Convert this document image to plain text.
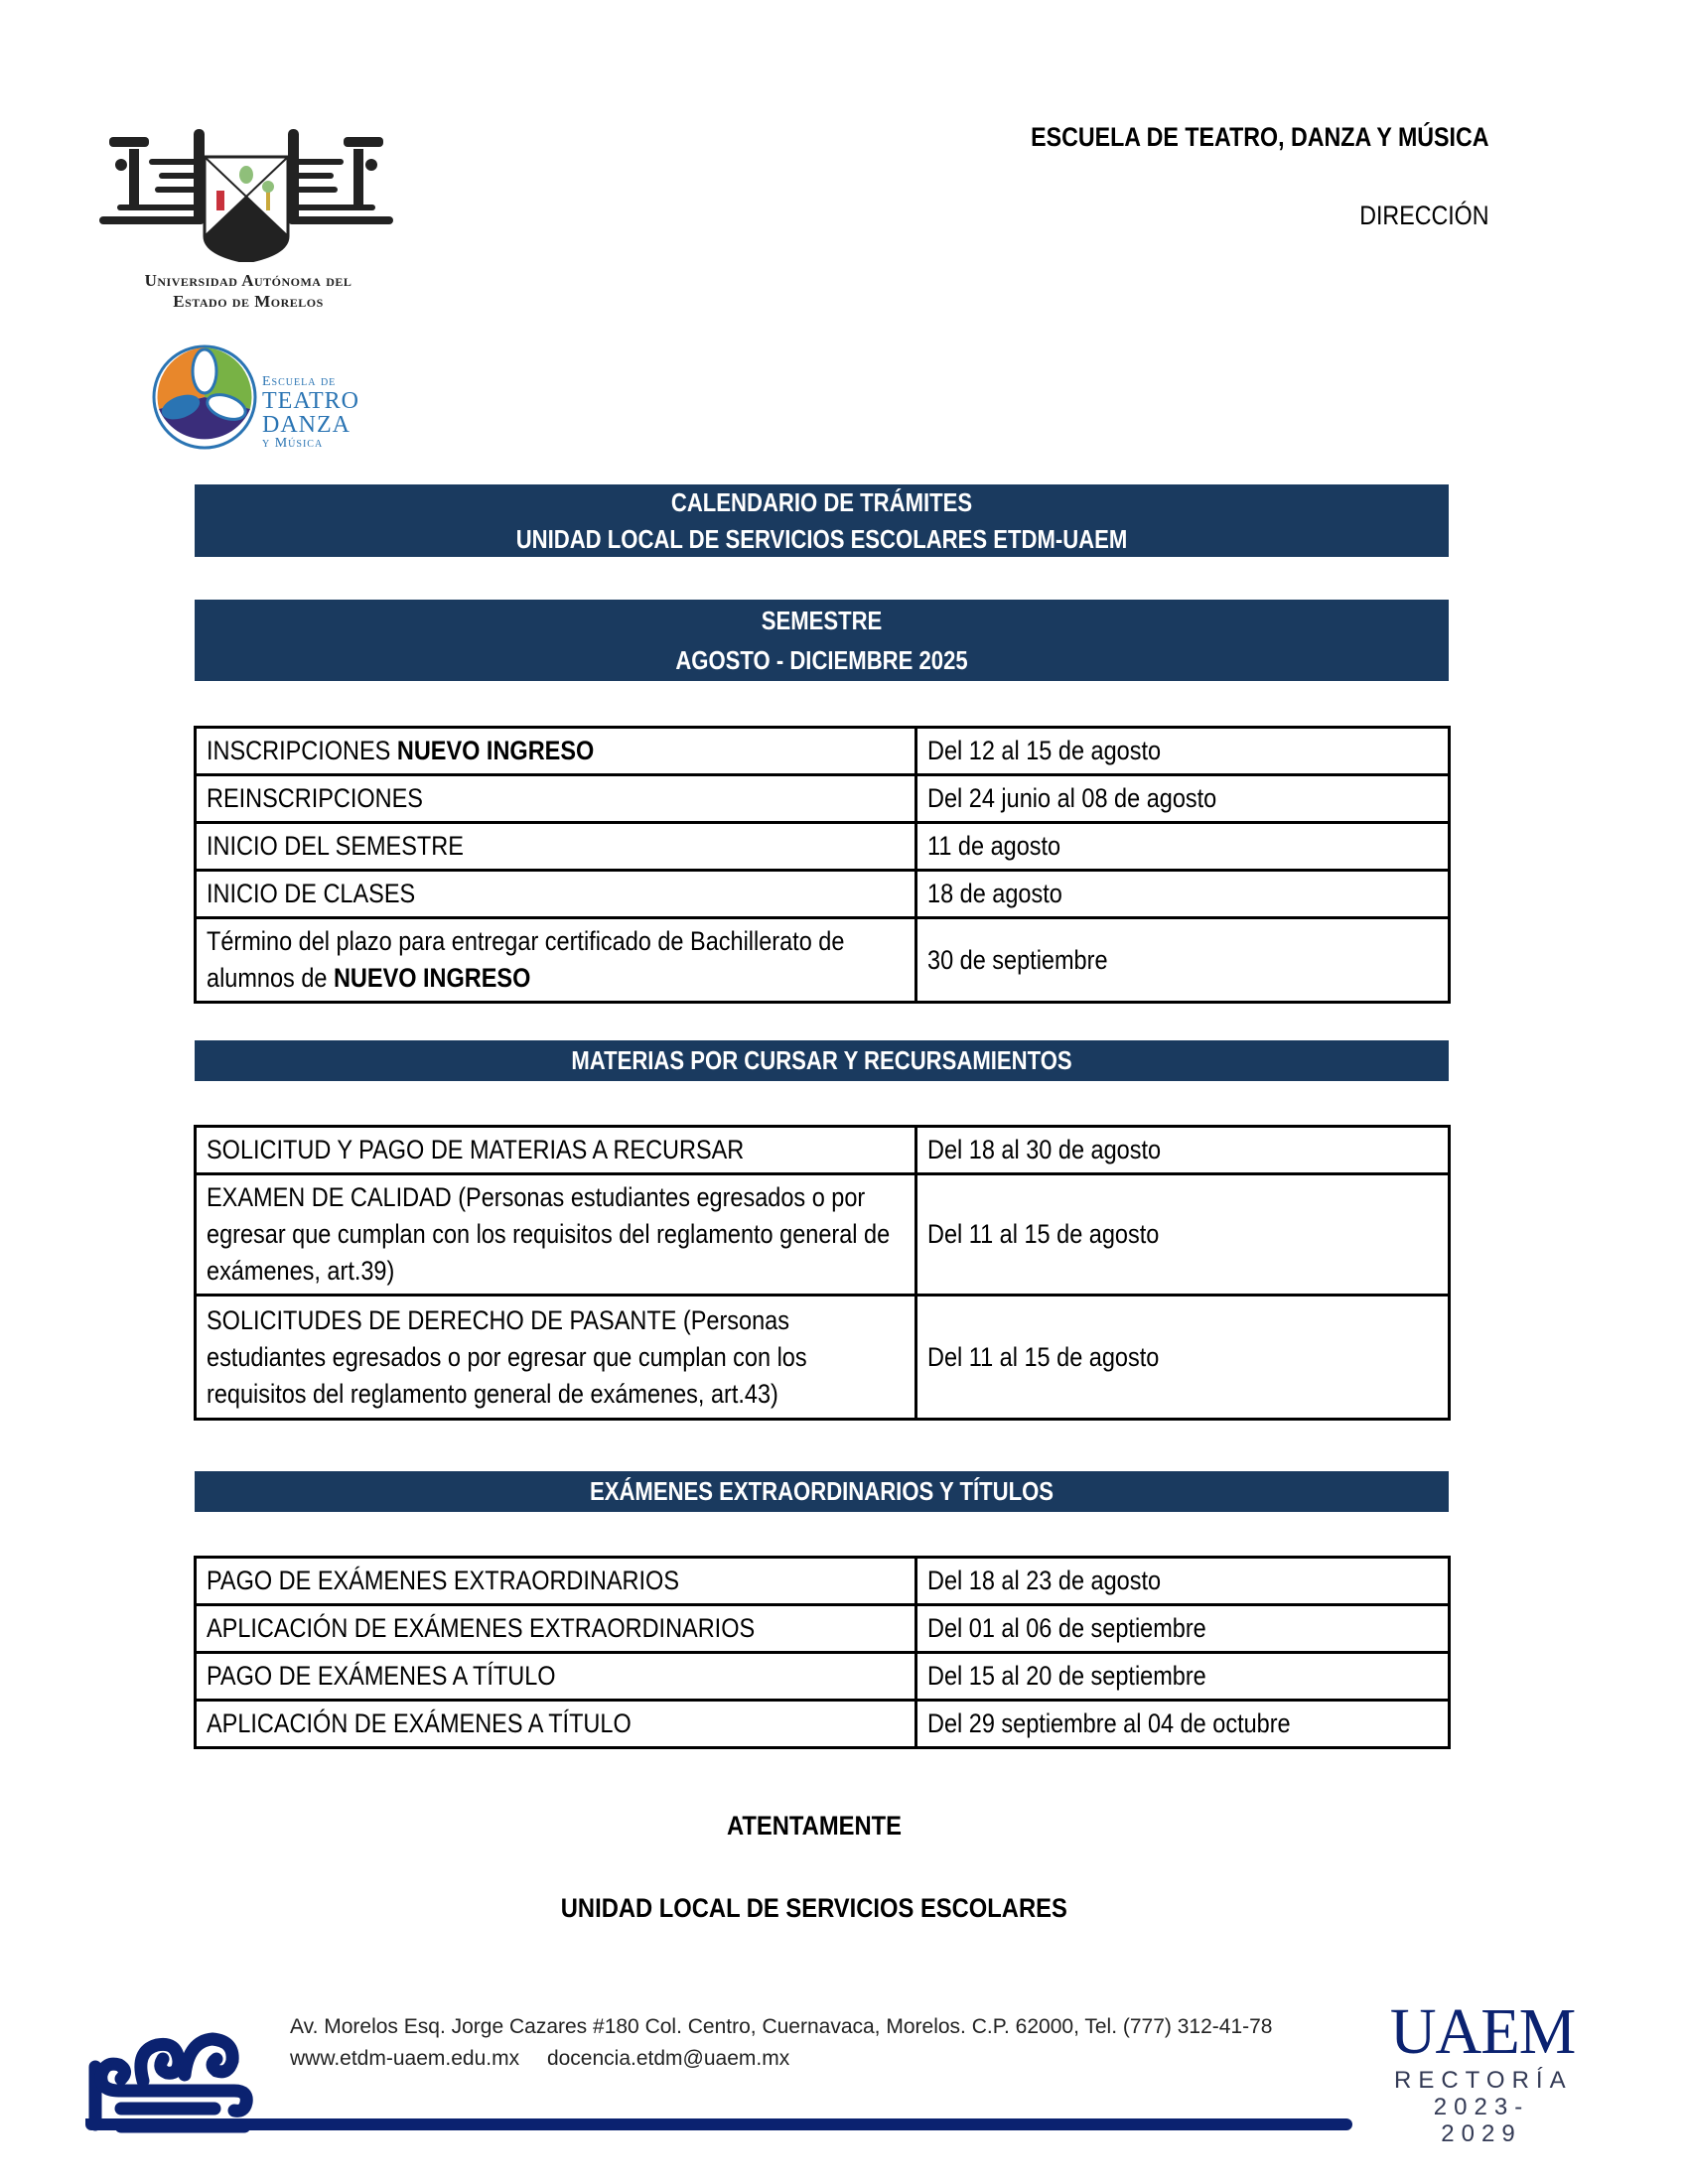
Universidad Autónoma del
Estado de Morelos
Escuela de
TEATRO
DANZA
y Música
ESCUELA DE TEATRO, DANZA Y MÚSICA
DIRECCIÓN
CALENDARIO DE TRÁMITES
UNIDAD LOCAL DE SERVICIOS ESCOLARES ETDM-UAEM
SEMESTRE
AGOSTO - DICIEMBRE 2025
INSCRIPCIONES NUEVO INGRESO	Del 12 al 15 de agosto
REINSCRIPCIONES	Del 24 junio al 08 de agosto
INICIO DEL SEMESTRE	11 de agosto
INICIO DE CLASES	18 de agosto

Término del plazo para entregar certificado de Bachillerato de alumnos de NUEVO INGRESO	30 de septiembre
MATERIAS POR CURSAR Y RECURSAMIENTOS
SOLICITUD Y PAGO DE MATERIAS A RECURSAR	Del 18 al 30 de agosto

EXAMEN DE CALIDAD (Personas estudiantes egresados o por egresar que cumplan con los requisitos del reglamento general de exámenes, art.39)	Del 11 al 15 de agosto

SOLICITUDES DE DERECHO DE PASANTE (Personas estudiantes egresados o por egresar que cumplan con los requisitos del reglamento general de exámenes, art.43)	Del 11 al 15 de agosto
EXÁMENES EXTRAORDINARIOS Y TÍTULOS
PAGO DE EXÁMENES EXTRAORDINARIOS	Del 18 al 23 de agosto
APLICACIÓN DE EXÁMENES EXTRAORDINARIOS	Del 01 al 06 de septiembre
PAGO DE EXÁMENES A TÍTULO	Del 15 al 20 de septiembre
APLICACIÓN DE EXÁMENES A TÍTULO	Del 29 septiembre al 04 de octubre
ATENTAMENTE
UNIDAD LOCAL DE SERVICIOS ESCOLARES
Av. Morelos Esq. Jorge Cazares #180 Col. Centro, Cuernavaca, Morelos. C.P. 62000, Tel. (777) 312-41-78
www.etdm-uaem.edu.mx docencia.etdm@uaem.mx	UAEM
RECTORÍA
2023-2029
